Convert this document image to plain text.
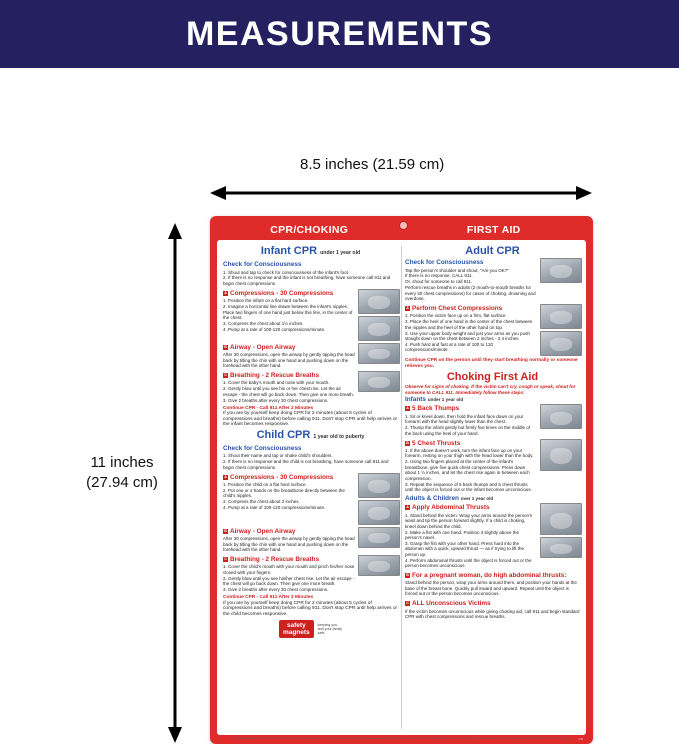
MEASUREMENTS
8.5 inches (21.59 cm)
11 inches
(27.94 cm)
CPR/CHOKING	FIRST AID
Infant CPR under 1 year old
Check for Consciousness
1. Shout and tap to check for consciousness of the infant's foot.
2. If there is no response and the infant is not breathing, have someone call 911 and begin chest compressions.
A Compressions - 30 Compressions
1. Position the infant on a flat hard surface.
2. Imagine a horizontal line drawn between the infant's nipples. Place two fingers of one hand just below this line, in the center of the chest.
3. Compress the chest about 1½ inches.
4. Pump at a rate of 100-120 compressions/minute.
B Airway - Open Airway
After 30 compressions, open the airway by gently tipping the head back by tilting the chin with one hand and pushing down on the forehead with the other hand.
C Breathing - 2 Rescue Breaths
1. Cover the baby's mouth and nose with your mouth.
2. Gently blow until you see his or her chest rise. Let the air escape - the chest will go back down. Then give one more breath.
3. Give 2 breaths after every 30 chest compressions.
Continue CPR - Call 911 After 2 Minutes
If you are by yourself keep doing CPR for 2 minutes (about 5 cycles of compressions and breaths) before calling 911. Don't stop CPR until help arrives or the infant becomes responsive.
Child CPR 1 year old to puberty
Check for Consciousness
1. Shout their name and tap or shake child's shoulders.
2. If there is no response and the child is not breathing, have someone call 911 and begin chest compressions.
A Compressions - 30 Compressions
1. Position the child on a flat hard surface.
2. Put one or 2 hands on the breastbone directly between the child's nipples.
3. Compress the chest about 2 inches.
4. Pump at a rate of 100-120 compressions/minute.
B Airway - Open Airway
After 30 compressions, open the airway by gently tipping the head back by tilting the chin with one hand and pushing down on the forehead with the other hand.
C Breathing - 2 Rescue Breaths
1. Cover the child's mouth with your mouth and pinch his/her nose closed with your fingers.
2. Gently blow until you see his/her chest rise. Let the air escape - the chest will go back down. Then give one more breath.
3. Give 2 breaths after every 30 chest compressions.
Continue CPR - Call 911 After 2 Minutes
If you are by yourself keep doing CPR for 2 minutes (about 5 cycles of compressions and breaths) before calling 911. Don't stop CPR until help arrives or the child becomes responsive.
safety
magnets
keeping you
and your family
safe
Adult CPR
Check for Consciousness
Tap the person's shoulder and shout, "Are you OK?"
If there is no response, CALL 911.
Or, shout for someone to call 911.
Perform rescue breaths in adults (2 mouth-to-mouth breaths for every 30 chest compressions) for cases of choking, drowning and overdose.
A Perform Chest Compressions
1. Position the victim face up on a firm, flat surface.
2. Place the heel of one hand in the center of the chest between the nipples and the heel of the other hand on top.
3. Use your upper body weight and just your arms as you push straight down on the chest between 2 inches - 2.4 inches.
4. Push hard and fast at a rate of 100 to 120 compressions/minute.
Continue CPR on the person until they start breathing normally or someone relieves you.
Choking First Aid
Observe for signs of choking. If the victim can't cry, cough or speak, shout for someone to CALL 911. Immediately follow these steps:
Infants under 1 year old
A 5 Back Thumps
1. Sit or kneel down, then hold the infant face down on your forearm with the head slightly lower than the chest.
2. Thump the infant gently but firmly five times on the middle of the back using the heel of your hand.
B 5 Chest Thrusts
1. If the above doesn't work, turn the infant face up on your forearm, resting on your thigh with the head lower than the body.
2. Using two fingers placed at the center of the infant's breastbone, give five quick chest compressions. Press down about 1 ½ inches, and let the chest rise again in between each compression.
3. Repeat the sequence of 5 back thumps and 5 chest thrusts until the object is forced out or the infant becomes unconscious.
Adults & Children over 1 year old
A Apply Abdominal Thrusts
1. Stand behind the victim. Wrap your arms around the person's waist and tip the person forward slightly. If a child is choking, kneel down behind the child.
2. Make a fist with one hand. Position it slightly above the person's navel.
3. Grasp the fist with your other hand. Press hard into the abdomen with a quick, upward thrust — as if trying to lift the person up.
4. Perform abdominal thrusts until the object is forced out or the person becomes unconscious.
B For a pregnant woman, do high abdominal thrusts:
Stand behind the person, wrap your arms around them, and position your hands at the base of the breast bone. Quickly pull inward and upward. Repeat until the object is forced out or the person becomes unconscious.
C ALL Unconscious Victims
If the victim becomes unconscious while giving choking aid, call 911 and begin standard CPR with chest compressions and rescue breaths.
Information contained on this magnet is for reference only and is not a substitute for professional medical training. Safety Magnets assumes no liability for use or misuse of this information. Guidelines based on American Heart Association standards. Consult a certified CPR/First Aid instructor for full training.	v.03
